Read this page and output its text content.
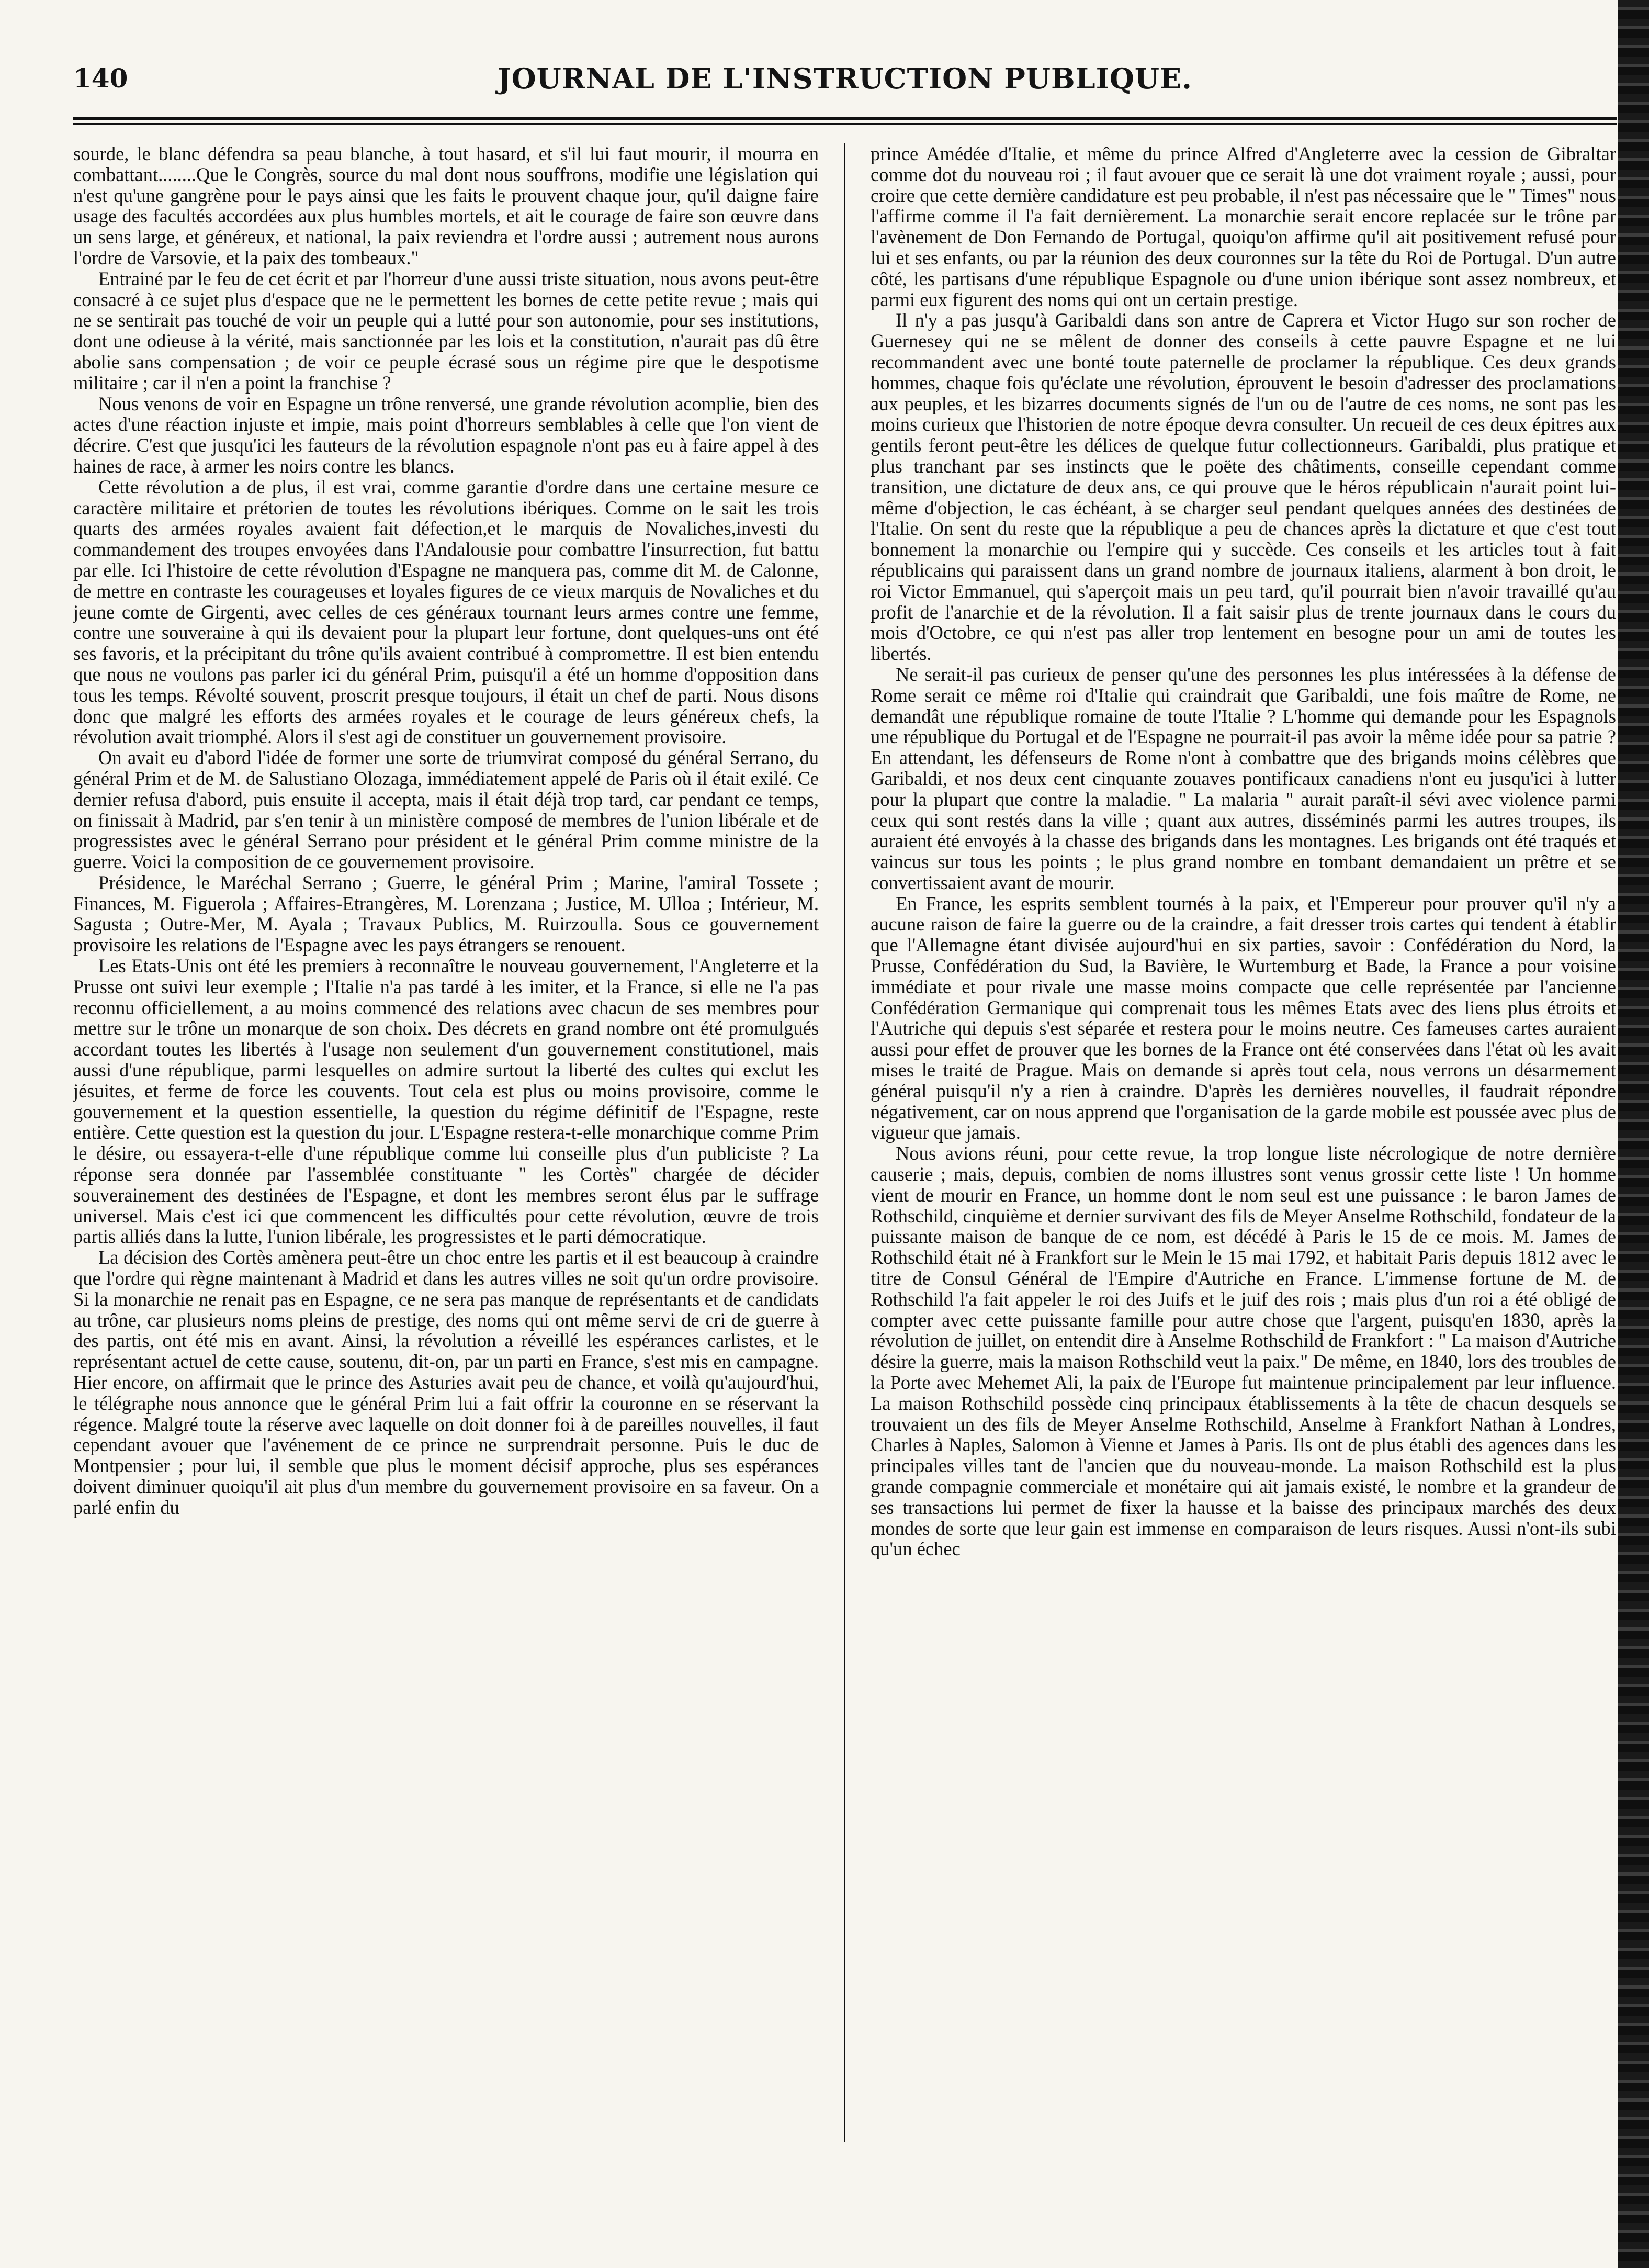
140	JOURNAL DE L'INSTRUCTION PUBLIQUE.

sourde, le blanc défendra sa peau blanche, à tout hasard, et s'il lui faut mourir, il mourra en combattant........Que le Congrès, source du mal dont nous souffrons, modifie une législation qui n'est qu'une gangrène pour le pays ainsi que les faits le prouvent chaque jour, qu'il daigne faire usage des facultés accordées aux plus humbles mortels, et ait le courage de faire son œuvre dans un sens large, et généreux, et national, la paix reviendra et l'ordre aussi ; autrement nous aurons l'ordre de Varsovie, et la paix des tombeaux."

Entrainé par le feu de cet écrit et par l'horreur d'une aussi triste situation, nous avons peut-être consacré à ce sujet plus d'espace que ne le permettent les bornes de cette petite revue ; mais qui ne se sentirait pas touché de voir un peuple qui a lutté pour son autonomie, pour ses institutions, dont une odieuse à la vérité, mais sanctionnée par les lois et la constitution, n'aurait pas dû être abolie sans compensation ; de voir ce peuple écrasé sous un régime pire que le despotisme militaire ; car il n'en a point la franchise ?

Nous venons de voir en Espagne un trône renversé, une grande révolution acomplie, bien des actes d'une réaction injuste et impie, mais point d'horreurs semblables à celle que l'on vient de décrire. C'est que jusqu'ici les fauteurs de la révolution espagnole n'ont pas eu à faire appel à des haines de race, à armer les noirs contre les blancs.

Cette révolution a de plus, il est vrai, comme garantie d'ordre dans une certaine mesure ce caractère militaire et prétorien de toutes les révolutions ibériques. Comme on le sait les trois quarts des armées royales avaient fait défection,et le marquis de Novaliches,investi du commandement des troupes envoyées dans l'Andalousie pour combattre l'insurrection, fut battu par elle. Ici l'histoire de cette révolution d'Espagne ne manquera pas, comme dit M. de Calonne, de mettre en contraste les courageuses et loyales figures de ce vieux marquis de Novaliches et du jeune comte de Girgenti, avec celles de ces généraux tournant leurs armes contre une femme, contre une souveraine à qui ils devaient pour la plupart leur fortune, dont quelques-uns ont été ses favoris, et la précipitant du trône qu'ils avaient contribué à compromettre. Il est bien entendu que nous ne voulons pas parler ici du général Prim, puisqu'il a été un homme d'opposition dans tous les temps. Révolté souvent, proscrit presque toujours, il était un chef de parti. Nous disons donc que malgré les efforts des armées royales et le courage de leurs généreux chefs, la révolution avait triomphé. Alors il s'est agi de constituer un gouvernement provisoire.

On avait eu d'abord l'idée de former une sorte de triumvirat composé du général Serrano, du général Prim et de M. de Salustiano Olozaga, immédiatement appelé de Paris où il était exilé. Ce dernier refusa d'abord, puis ensuite il accepta, mais il était déjà trop tard, car pendant ce temps, on finissait à Madrid, par s'en tenir à un ministère composé de membres de l'union libérale et de progressistes avec le général Serrano pour président et le général Prim comme ministre de la guerre. Voici la composition de ce gouvernement provisoire.

Présidence, le Maréchal Serrano ; Guerre, le général Prim ; Marine, l'amiral Tossete ; Finances, M. Figuerola ; Affaires-Etrangères, M. Lorenzana ; Justice, M. Ulloa ; Intérieur, M. Sagusta ; Outre-Mer, M. Ayala ; Travaux Publics, M. Ruirzoulla. Sous ce gouvernement provisoire les relations de l'Espagne avec les pays étrangers se renouent.

Les Etats-Unis ont été les premiers à reconnaître le nouveau gouvernement, l'Angleterre et la Prusse ont suivi leur exemple ; l'Italie n'a pas tardé à les imiter, et la France, si elle ne l'a pas reconnu officiellement, a au moins commencé des relations avec chacun de ses membres pour mettre sur le trône un monarque de son choix. Des décrets en grand nombre ont été promulgués accordant toutes les libertés à l'usage non seulement d'un gouvernement constitutionel, mais aussi d'une république, parmi lesquelles on admire surtout la liberté des cultes qui exclut les jésuites, et ferme de force les couvents. Tout cela est plus ou moins provisoire, comme le gouvernement et la question essentielle, la question du régime définitif de l'Espagne, reste entière. Cette question est la question du jour. L'Espagne restera-t-elle monarchique comme Prim le désire, ou essayera-t-elle d'une république comme lui conseille plus d'un publiciste ? La réponse sera donnée par l'assemblée constituante " les Cortès" chargée de décider souverainement des destinées de l'Espagne, et dont les membres seront élus par le suffrage universel. Mais c'est ici que commencent les difficultés pour cette révolution, œuvre de trois partis alliés dans la lutte, l'union libérale, les progressistes et le parti démocratique.

La décision des Cortès amènera peut-être un choc entre les partis et il est beaucoup à craindre que l'ordre qui règne maintenant à Madrid et dans les autres villes ne soit qu'un ordre provisoire. Si la monarchie ne renait pas en Espagne, ce ne sera pas manque de représentants et de candidats au trône, car plusieurs noms pleins de prestige, des noms qui ont même servi de cri de guerre à des partis, ont été mis en avant. Ainsi, la révolution a réveillé les espérances carlistes, et le représentant actuel de cette cause, soutenu, dit-on, par un parti en France, s'est mis en campagne. Hier encore, on affirmait que le prince des Asturies avait peu de chance, et voilà qu'aujourd'hui, le télégraphe nous annonce que le général Prim lui a fait offrir la couronne en se réservant la régence. Malgré toute la réserve avec laquelle on doit donner foi à de pareilles nouvelles, il faut cependant avouer que l'avénement de ce prince ne surprendrait personne. Puis le duc de Montpensier ; pour lui, il semble que plus le moment décisif approche, plus ses espérances doivent diminuer quoiqu'il ait plus d'un membre du gouvernement provisoire en sa faveur. On a parlé enfin du

prince Amédée d'Italie, et même du prince Alfred d'Angleterre avec la cession de Gibraltar comme dot du nouveau roi ; il faut avouer que ce serait là une dot vraiment royale ; aussi, pour croire que cette dernière candidature est peu probable, il n'est pas nécessaire que le " Times" nous l'affirme comme il l'a fait dernièrement. La monarchie serait encore replacée sur le trône par l'avènement de Don Fernando de Portugal, quoiqu'on affirme qu'il ait positivement refusé pour lui et ses enfants, ou par la réunion des deux couronnes sur la tête du Roi de Portugal. D'un autre côté, les partisans d'une république Espagnole ou d'une union ibérique sont assez nombreux, et parmi eux figurent des noms qui ont un certain prestige.

Il n'y a pas jusqu'à Garibaldi dans son antre de Caprera et Victor Hugo sur son rocher de Guernesey qui ne se mêlent de donner des conseils à cette pauvre Espagne et ne lui recommandent avec une bonté toute paternelle de proclamer la république. Ces deux grands hommes, chaque fois qu'éclate une révolution, éprouvent le besoin d'adresser des proclamations aux peuples, et les bizarres documents signés de l'un ou de l'autre de ces noms, ne sont pas les moins curieux que l'historien de notre époque devra consulter. Un recueil de ces deux épitres aux gentils feront peut-être les délices de quelque futur collectionneurs. Garibaldi, plus pratique et plus tranchant par ses instincts que le poëte des châtiments, conseille cependant comme transition, une dictature de deux ans, ce qui prouve que le héros républicain n'aurait point lui-même d'objection, le cas échéant, à se charger seul pendant quelques années des destinées de l'Italie. On sent du reste que la république a peu de chances après la dictature et que c'est tout bonnement la monarchie ou l'empire qui y succède. Ces conseils et les articles tout à fait républicains qui paraissent dans un grand nombre de journaux italiens, alarment à bon droit, le roi Victor Emmanuel, qui s'aperçoit mais un peu tard, qu'il pourrait bien n'avoir travaillé qu'au profit de l'anarchie et de la révolution. Il a fait saisir plus de trente journaux dans le cours du mois d'Octobre, ce qui n'est pas aller trop lentement en besogne pour un ami de toutes les libertés.

Ne serait-il pas curieux de penser qu'une des personnes les plus intéressées à la défense de Rome serait ce même roi d'Italie qui craindrait que Garibaldi, une fois maître de Rome, ne demandât une république romaine de toute l'Italie ? L'homme qui demande pour les Espagnols une république du Portugal et de l'Espagne ne pourrait-il pas avoir la même idée pour sa patrie ? En attendant, les défenseurs de Rome n'ont à combattre que des brigands moins célèbres que Garibaldi, et nos deux cent cinquante zouaves pontificaux canadiens n'ont eu jusqu'ici à lutter pour la plupart que contre la maladie. " La malaria " aurait paraît-il sévi avec violence parmi ceux qui sont restés dans la ville ; quant aux autres, disséminés parmi les autres troupes, ils auraient été envoyés à la chasse des brigands dans les montagnes. Les brigands ont été traqués et vaincus sur tous les points ; le plus grand nombre en tombant demandaient un prêtre et se convertissaient avant de mourir.

En France, les esprits semblent tournés à la paix, et l'Empereur pour prouver qu'il n'y a aucune raison de faire la guerre ou de la craindre, a fait dresser trois cartes qui tendent à établir que l'Allemagne étant divisée aujourd'hui en six parties, savoir : Confédération du Nord, la Prusse, Confédération du Sud, la Bavière, le Wurtemburg et Bade, la France a pour voisine immédiate et pour rivale une masse moins compacte que celle représentée par l'ancienne Confédération Germanique qui comprenait tous les mêmes Etats avec des liens plus étroits et l'Autriche qui depuis s'est séparée et restera pour le moins neutre. Ces fameuses cartes auraient aussi pour effet de prouver que les bornes de la France ont été conservées dans l'état où les avait mises le traité de Prague. Mais on demande si après tout cela, nous verrons un désarmement général puisqu'il n'y a rien à craindre. D'après les dernières nouvelles, il faudrait répondre négativement, car on nous apprend que l'organisation de la garde mobile est poussée avec plus de vigueur que jamais.

Nous avions réuni, pour cette revue, la trop longue liste nécrologique de notre dernière causerie ; mais, depuis, combien de noms illustres sont venus grossir cette liste ! Un homme vient de mourir en France, un homme dont le nom seul est une puissance : le baron James de Rothschild, cinquième et dernier survivant des fils de Meyer Anselme Rothschild, fondateur de la puissante maison de banque de ce nom, est décédé à Paris le 15 de ce mois. M. James de Rothschild était né à Frankfort sur le Mein le 15 mai 1792, et habitait Paris depuis 1812 avec le titre de Consul Général de l'Empire d'Autriche en France. L'immense fortune de M. de Rothschild l'a fait appeler le roi des Juifs et le juif des rois ; mais plus d'un roi a été obligé de compter avec cette puissante famille pour autre chose que l'argent, puisqu'en 1830, après la révolution de juillet, on entendit dire à Anselme Rothschild de Frankfort : " La maison d'Autriche désire la guerre, mais la maison Rothschild veut la paix." De même, en 1840, lors des troubles de la Porte avec Mehemet Ali, la paix de l'Europe fut maintenue principalement par leur influence. La maison Rothschild possède cinq principaux établissements à la tête de chacun desquels se trouvaient un des fils de Meyer Anselme Rothschild, Anselme à Frankfort Nathan à Londres, Charles à Naples, Salomon à Vienne et James à Paris. Ils ont de plus établi des agences dans les principales villes tant de l'ancien que du nouveau-monde. La maison Rothschild est la plus grande compagnie commerciale et monétaire qui ait jamais existé, le nombre et la grandeur de ses transactions lui permet de fixer la hausse et la baisse des principaux marchés des deux mondes de sorte que leur gain est immense en comparaison de leurs risques. Aussi n'ont-ils subi qu'un échec
